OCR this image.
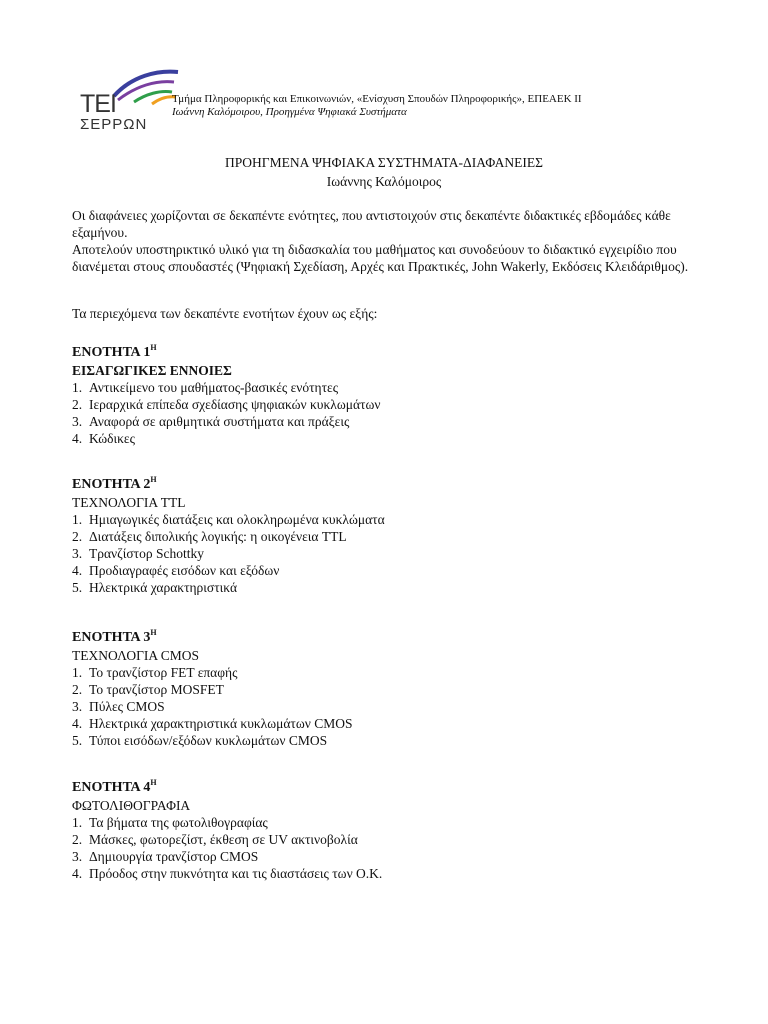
ΤΕΙ
ΣΕΡΡΩΝ
Τμήμα Πληροφορικής και Επικοινωνιών, «Ενίσχυση Σπουδών Πληροφορικής», ΕΠΕΑΕΚ ΙΙ
Ιωάννη Καλόμοιρου, Προηγμένα Ψηφιακά Συστήματα
ΠΡΟΗΓΜΕΝΑ ΨΗΦΙΑΚΑ ΣΥΣΤΗΜΑΤΑ-ΔΙΑΦΑΝΕΙΕΣ
Ιωάννης Καλόμοιρος

Οι διαφάνειες χωρίζονται σε δεκαπέντε ενότητες, που αντιστοιχούν στις δεκαπέντε διδακτικές εβδομάδες κάθε εξαμήνου.

Αποτελούν υποστηρικτικό υλικό για τη διδασκαλία του μαθήματος και συνοδεύουν το διδακτικό εγχειρίδιο που διανέμεται στους σπουδαστές (Ψηφιακή Σχεδίαση, Αρχές και Πρακτικές, John Wakerly, Εκδόσεις Κλειδάριθμος).

Τα περιεχόμενα των δεκαπέντε ενοτήτων έχουν ως εξής:
ΕΝΟΤΗΤΑ $1^H$
ΕΙΣΑΓΩΓΙΚΕΣ ΕΝΝΟΙΕΣ
1. Αντικείμενο του μαθήματος-βασικές ενότητες
2. Ιεραρχικά επίπεδα σχεδίασης ψηφιακών κυκλωμάτων
3. Αναφορά σε αριθμητικά συστήματα και πράξεις
4. Κώδικες
ΕΝΟΤΗΤΑ $2^H$
ΤΕΧΝΟΛΟΓΙΑ TTL
1. Ημιαγωγικές διατάξεις και ολοκληρωμένα κυκλώματα
2. Διατάξεις διπολικής λογικής: η οικογένεια TTL
3. Τρανζίστορ Schottky
4. Προδιαγραφές εισόδων και εξόδων
5. Ηλεκτρικά χαρακτηριστικά
ΕΝΟΤΗΤΑ $3^H$
ΤΕΧΝΟΛΟΓΙΑ CMOS
1. Το τρανζίστορ FET επαφής
2. Το τρανζίστορ MOSFET
3. Πύλες CMOS
4. Ηλεκτρικά χαρακτηριστικά κυκλωμάτων CMOS
5. Τύποι εισόδων/εξόδων κυκλωμάτων CMOS
ΕΝΟΤΗΤΑ $4^H$
ΦΩΤΟΛΙΘΟΓΡΑΦΙΑ
1. Τα βήματα της φωτολιθογραφίας
2. Μάσκες, φωτορεζίστ, έκθεση σε UV ακτινοβολία
3. Δημιουργία τρανζίστορ CMOS
4. Πρόοδος στην πυκνότητα και τις διαστάσεις των Ο.Κ.
